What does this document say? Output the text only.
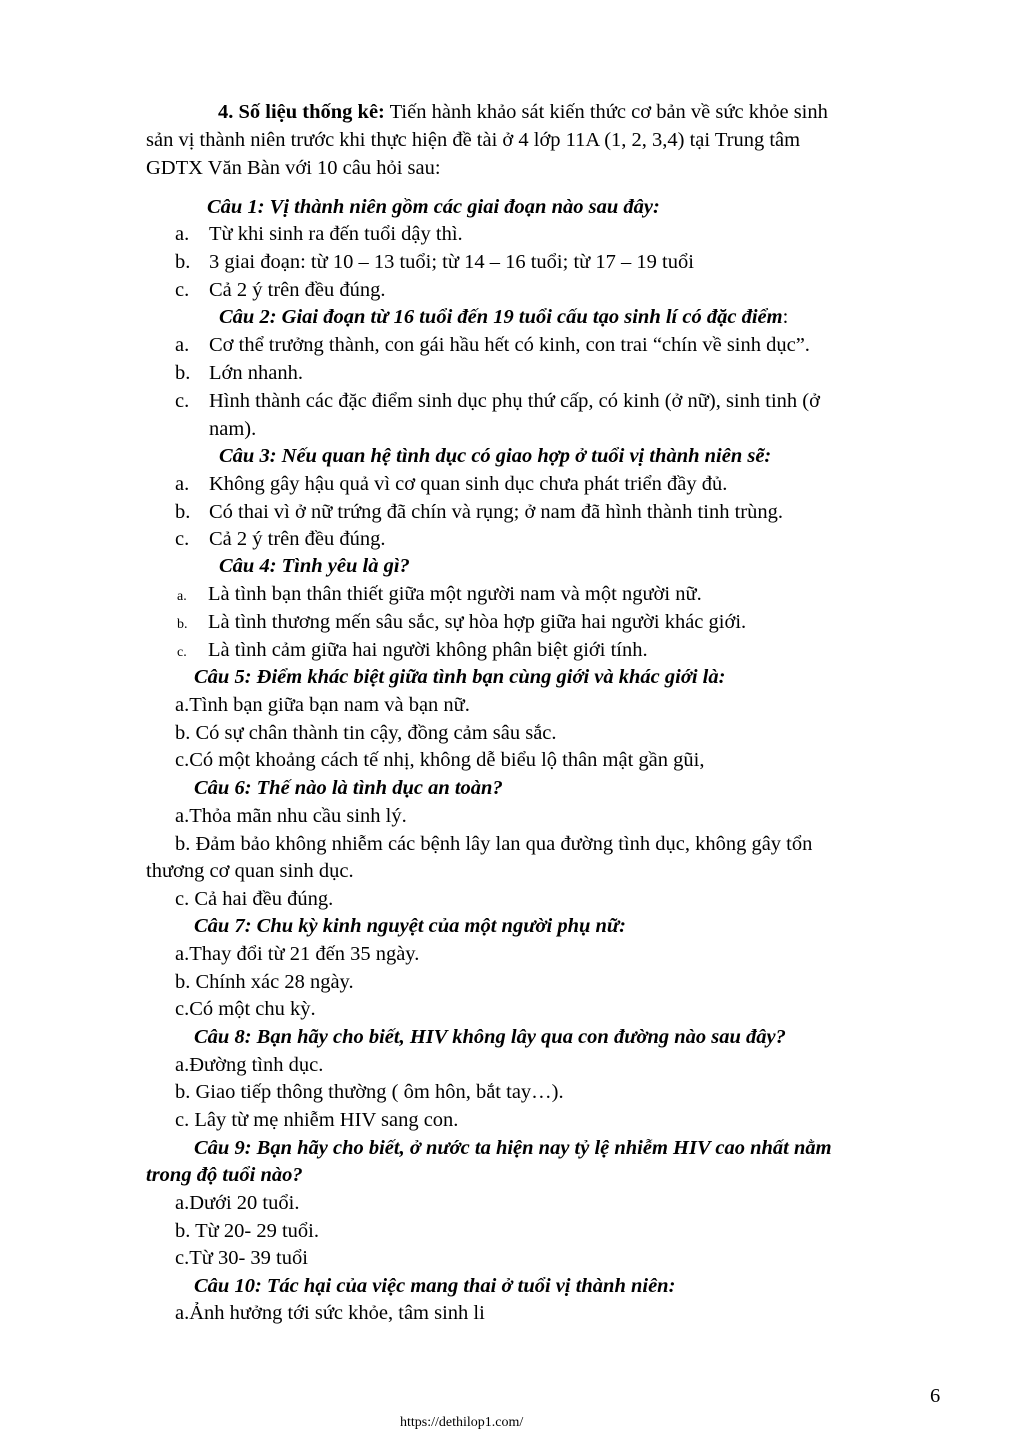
4. Số liệu thống kê: Tiến hành khảo sát kiến thức cơ bản về sức khỏe sinh
sản vị thành niên trước khi thực hiện đề tài ở 4 lớp 11A (1, 2, 3,4) tại Trung tâm
GDTX Văn Bàn với 10 câu hỏi sau:
Câu 1: Vị thành niên gồm các giai đoạn nào sau đây:
a. Từ khi sinh ra đến tuổi dậy thì.
b. 3 giai đoạn: từ 10 – 13 tuổi; từ 14 – 16 tuổi; từ 17 – 19 tuổi
c. Cả 2 ý trên đều đúng.
Câu 2: Giai đoạn từ 16 tuổi đến 19 tuổi cấu tạo sinh lí có đặc điểm:
a. Cơ thể trưởng thành, con gái hầu hết có kinh, con trai “chín về sinh dục”.
b. Lớn nhanh.
c. Hình thành các đặc điểm sinh dục phụ thứ cấp, có kinh (ở nữ), sinh tinh (ở
nam).
Câu 3: Nếu quan hệ tình dục có giao hợp ở tuổi vị thành niên sẽ:
a. Không gây hậu quả vì cơ quan sinh dục chưa phát triển đầy đủ.
b. Có thai vì ở nữ trứng đã chín và rụng; ở nam đã hình thành tinh trùng.
c. Cả 2 ý trên đều đúng.
Câu 4: Tình yêu là gì?
a. Là tình bạn thân thiết giữa một người nam và một người nữ.
b. Là tình thương mến sâu sắc, sự hòa hợp giữa hai người khác giới.
c. Là tình cảm giữa hai người không phân biệt giới tính.
Câu 5: Điểm khác biệt giữa tình bạn cùng giới và khác giới là:
a.Tình bạn giữa bạn nam và bạn nữ.
b. Có sự chân thành tin cậy, đồng cảm sâu sắc.
c.Có một khoảng cách tế nhị, không dễ biểu lộ thân mật gần gũi,
Câu 6: Thế nào là tình dục an toàn?
a.Thỏa mãn nhu cầu sinh lý.
b. Đảm bảo không nhiễm các bệnh lây lan qua đường tình dục, không gây tổn
thương cơ quan sinh dục.
c. Cả hai đều đúng.
Câu 7: Chu kỳ kinh nguyệt của một người phụ nữ:
a.Thay đổi từ 21 đến 35 ngày.
b. Chính xác 28 ngày.
c.Có một chu kỳ.
Câu 8: Bạn hãy cho biết, HIV không lây qua con đường nào sau đây?
a.Đường tình dục.
b. Giao tiếp thông thường ( ôm hôn, bắt tay…).
c. Lây từ mẹ nhiễm HIV sang con.
Câu 9: Bạn hãy cho biết, ở nước ta hiện nay tỷ lệ nhiễm HIV cao nhất nằm
trong độ tuổi nào?
a.Dưới 20 tuổi.
b. Từ 20- 29 tuổi.
c.Từ 30- 39 tuổi
Câu 10: Tác hại của việc mang thai ở tuổi vị thành niên:
a.Ảnh hưởng tới sức khỏe, tâm sinh li
6
https://dethilop1.com/
